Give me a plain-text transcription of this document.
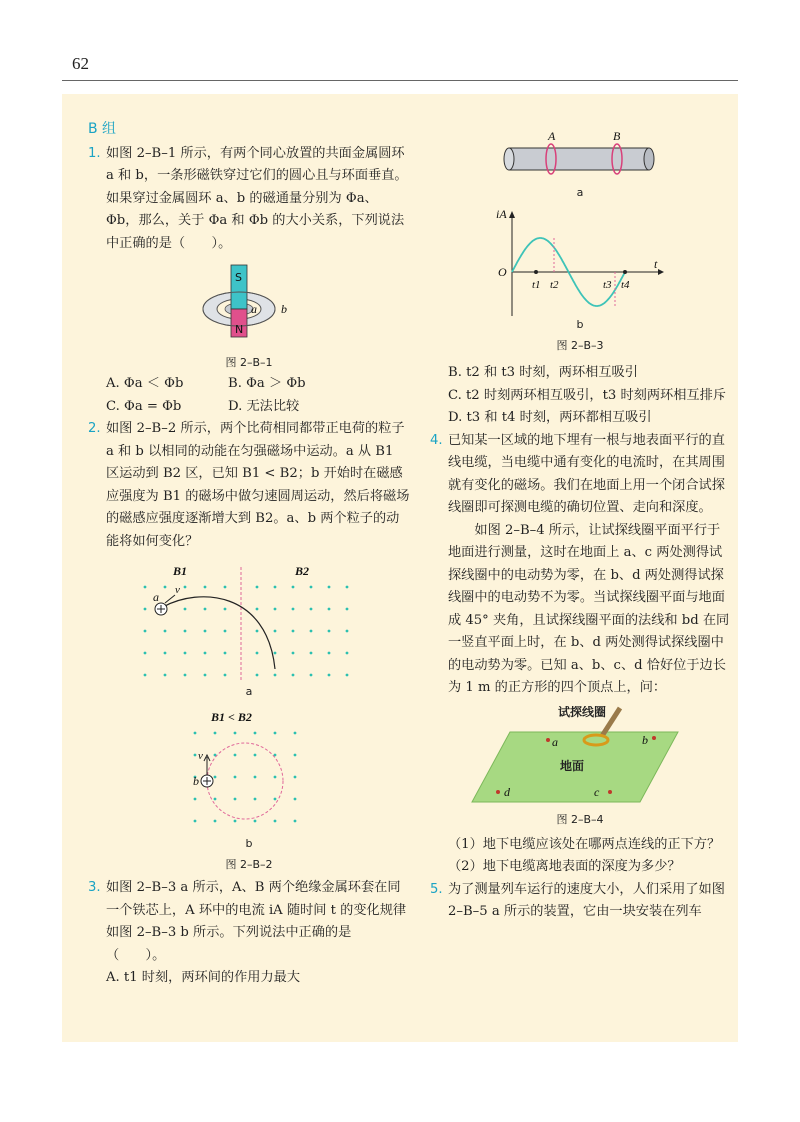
62
B 组

1. 如图 2–B–1 所示，有两个同心放置的共面金属圆环 a 和 b，一条形磁铁穿过它们的圆心且与环面垂直。如果穿过金属圆环 a、b 的磁通量分别为 Φa、Φb，那么，关于 Φa 和 Φb 的大小关系，下列说法中正确的是（　　）。

S
N
a b
图 2–B–1
A. Φa ＜ Φb	B. Φa ＞ Φb
C. Φa = Φb	D. 无法比较

2. 如图 2–B–2 所示，两个比荷相同都带正电荷的粒子 a 和 b 以相同的动能在匀强磁场中运动。a 从 B1 区运动到 B2 区，已知 B1 < B2；b 开始时在磁感应强度为 B1 的磁场中做匀速圆周运动，然后将磁场的磁感应强度逐渐增大到 B2。a、b 两个粒子的动能将如何变化？

B1	B2
a v
a
B1 < B2
v
b
b
图 2–B–2

3. 如图 2–B–3 a 所示，A、B 两个绝缘金属环套在同一个铁芯上，A 环中的电流 iA 随时间 t 的变化规律如图 2–B–3 b 所示。下列说法中正确的是（　　）。

A. t1 时刻，两环间的作用力最大

A	B
a
iA
O
t1 t2	t3 t4
t
b
图 2–B–3

B. t2 和 t3 时刻，两环相互吸引

C. t2 时刻两环相互吸引，t3 时刻两环相互排斥

D. t3 和 t4 时刻，两环都相互吸引

4. 已知某一区域的地下埋有一根与地表面平行的直线电缆，当电缆中通有变化的电流时，在其周围就有变化的磁场。我们在地面上用一个闭合试探线圈即可探测电缆的确切位置、走向和深度。

如图 2–B–4 所示，让试探线圈平面平行于地面进行测量，这时在地面上 a、c 两处测得试探线圈中的电动势为零，在 b、d 两处测得试探线圈中的电动势不为零。当试探线圈平面与地面成 45° 夹角，且试探线圈平面的法线和 bd 在同一竖直平面上时，在 b、d 两处测得试探线圈中的电动势为零。已知 a、b、c、d 恰好位于边长为 1 m 的正方形的四个顶点上，问：

试探线圈
地面
a	b
c
d
图 2–B–4

（1）地下电缆应该处在哪两点连线的正下方？

（2）地下电缆离地表面的深度为多少？

5. 为了测量列车运行的速度大小，人们采用了如图 2–B–5 a 所示的装置，它由一块安装在列车
